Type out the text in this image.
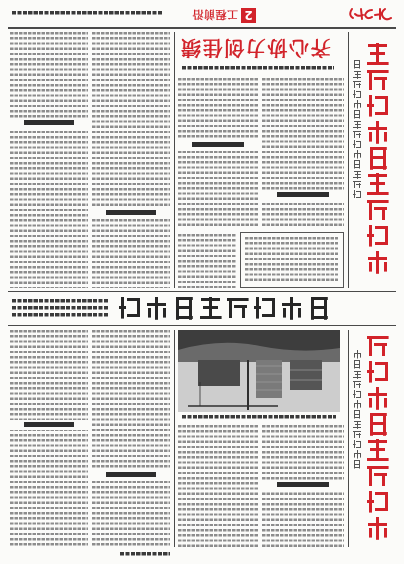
2
工程前沿
齐心协力创佳绩
